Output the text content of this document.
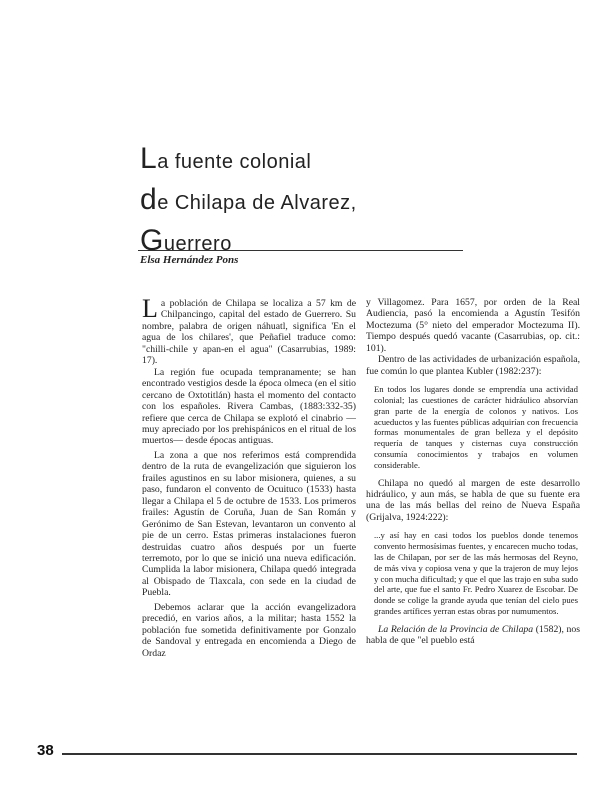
La fuente colonial
de Chilapa de Alvarez,
Guerrero
Elsa Hernández Pons

La población de Chilapa se localiza a 57 km de Chilpancingo, capital del estado de Guerrero. Su nombre, palabra de origen náhuatl, significa 'En el agua de los chilares', que Peñafiel traduce como: "chilli-chile y apan-en el agua" (Casarrubias, 1989: 17).

La región fue ocupada tempranamente; se han encontrado vestigios desde la época olmeca (en el sitio cercano de Oxtotitlán) hasta el momento del contacto con los españoles. Rivera Cambas, (1883:332-35) refiere que cerca de Chilapa se explotó el cinabrio —muy apreciado por los prehispánicos en el ritual de los muertos— desde épocas antiguas.

La zona a que nos referimos está comprendida dentro de la ruta de evangelización que siguieron los frailes agustinos en su labor misionera, quienes, a su paso, fundaron el convento de Ocuituco (1533) hasta llegar a Chilapa el 5 de octubre de 1533. Los primeros frailes: Agustín de Coruña, Juan de San Román y Gerónimo de San Estevan, levantaron un convento al pie de un cerro. Estas primeras instalaciones fueron destruidas cuatro años después por un fuerte terremoto, por lo que se inició una nueva edificación. Cumplida la labor misionera, Chilapa quedó integrada al Obispado de Tlaxcala, con sede en la ciudad de Puebla.

Debemos aclarar que la acción evangelizadora precedió, en varios años, a la militar; hasta 1552 la población fue sometida definitivamente por Gonzalo de Sandoval y entregada en encomienda a Diego de Ordaz

y Villagomez. Para 1657, por orden de la Real Audiencia, pasó la encomienda a Agustín Tesifón Moctezuma (5° nieto del emperador Moctezuma II). Tiempo después quedó vacante (Casarrubias, op. cit.: 101).

Dentro de las actividades de urbanización española, fue común lo que plantea Kubler (1982:237):

En todos los lugares donde se emprendía una actividad colonial; las cuestiones de carácter hidráulico absorvían gran parte de la energía de colonos y nativos. Los acueductos y las fuentes públicas adquirían con frecuencia formas monumentales de gran belleza y el depósito requería de tanques y cisternas cuya construcción consumía conocimientos y trabajos en volumen considerable.

Chilapa no quedó al margen de este desarrollo hidráulico, y aun más, se habla de que su fuente era una de las más bellas del reino de Nueva España (Grijalva, 1924:222):

...y así hay en casi todos los pueblos donde tenemos convento hermosísimas fuentes, y encarecen mucho todas, las de Chilapan, por ser de las más hermosas del Reyno, de más viva y copiosa vena y que la trajeron de muy lejos y con mucha dificultad; y que el que las trajo en suba sudo del arte, que fue el santo Fr. Pedro Xuarez de Escobar. De donde se colige la grande ayuda que tenían del cielo pues grandes artífices yerran estas obras por numumentos.

La Relación de la Provincia de Chilapa (1582), nos habla de que "el pueblo está

38
